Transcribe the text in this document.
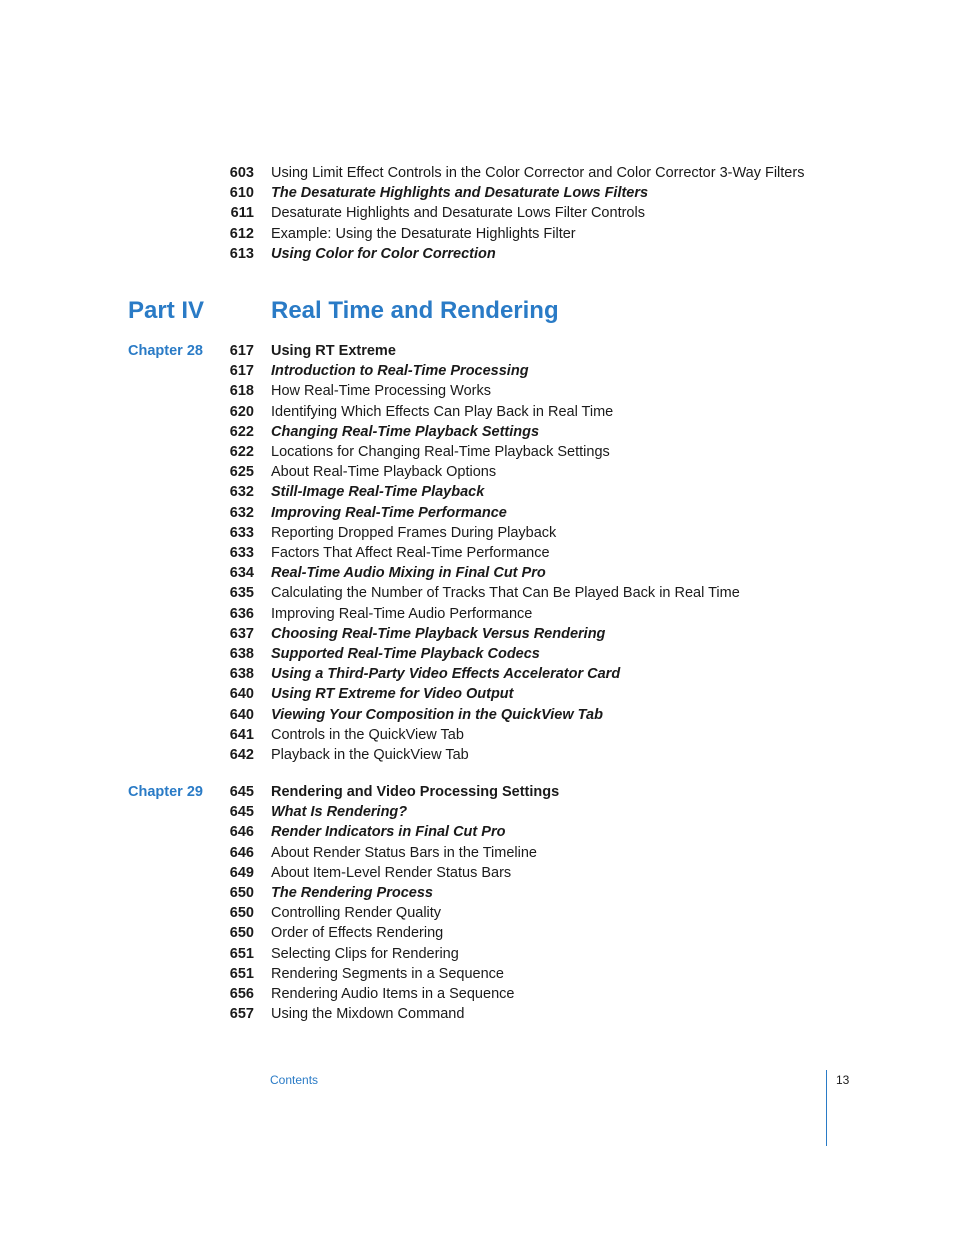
603 Using Limit Effect Controls in the Color Corrector and Color Corrector 3-Way Filters
610 The Desaturate Highlights and Desaturate Lows Filters
611 Desaturate Highlights and Desaturate Lows Filter Controls
612 Example: Using the Desaturate Highlights Filter
613 Using Color for Color Correction
Chapter 28	617 Using RT Extreme
617 Introduction to Real-Time Processing
618 How Real-Time Processing Works
620 Identifying Which Effects Can Play Back in Real Time
622 Changing Real-Time Playback Settings
622 Locations for Changing Real-Time Playback Settings
625 About Real-Time Playback Options
632 Still-Image Real-Time Playback
632 Improving Real-Time Performance
633 Reporting Dropped Frames During Playback
633 Factors That Affect Real-Time Performance
634 Real-Time Audio Mixing in Final Cut Pro
635 Calculating the Number of Tracks That Can Be Played Back in Real Time
636 Improving Real-Time Audio Performance
637 Choosing Real-Time Playback Versus Rendering
638 Supported Real-Time Playback Codecs
638 Using a Third-Party Video Effects Accelerator Card
640 Using RT Extreme for Video Output
640 Viewing Your Composition in the QuickView Tab
641 Controls in the QuickView Tab
642 Playback in the QuickView Tab
Chapter 29	645 Rendering and Video Processing Settings
645 What Is Rendering?
646 Render Indicators in Final Cut Pro
646 About Render Status Bars in the Timeline
649 About Item-Level Render Status Bars
650 The Rendering Process
650 Controlling Render Quality
650 Order of Effects Rendering
651 Selecting Clips for Rendering
651 Rendering Segments in a Sequence
656 Rendering Audio Items in a Sequence
657 Using the Mixdown Command
Part IV	Real Time and Rendering
Contents	13
